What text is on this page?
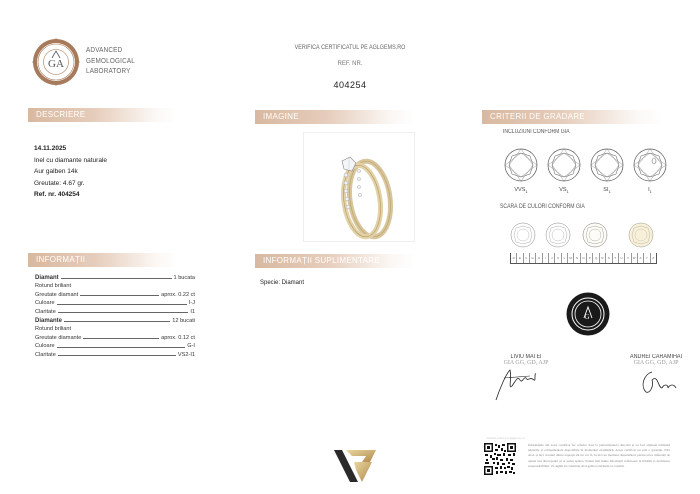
GA
ADVANCED
GEMOLOGICAL
LABORATORY
VERIFICĂ CERTIFICATUL PE AGLGEMS.RO
REF. NR.
404254
DESCRIERE	IMAGINE	CRITERII DE GRADARE
INFORMAȚII	INFORMAȚII SUPLIMENTARE
14.11.2025
Inel cu diamante naturale
Aur galben 14k
Greutate: 4.67 gr.
Ref. nr. 404254
Diamant	1 bucata
Rotund briliant
Greutate diamant	aprox. 0.22 ct
Culoare	I-J
Claritate	I1
Diamante	12 bucati
Rotund briliant
Greutate diamante	aprox. 0.12 ct
Culoare	G-I
Claritate	VS2-I1
Specie: Diamant
INCLUZIUNI CONFORM GIA
$VVS_1$	$VS_1$	$SI_1$	$I_1$
SCARĂ DE CULORI CONFORM GIA
D	E	F	G	H	I	J	K	L	M	N	O	P	Q	R	S	T	U	V	W	X	Y	Z
G
LIVIU MATEI
GIA GG, GD, AJP
ANDREI CARAMIHAI
GIA GG, GD, AJP
Verifică online pe aglgems.ro
Informațiile din acest certificat fac referire doar la piatra/bijuteria descrisă și au fost obținute utilizând tehnicile și echipamentele disponibile în momentul examinării. Acest certificat nu este o garanție. Nici AGL și nici vreunul dintre experții săi nu vor fi, în nici un moment răspunzători pentru orice diferență de opinie sau discrepanță ce ar putea apărea. Pentru mai multe informații referitoare la limitări și declinarea responsabilității, vă rugăm să consultați AGLgems.ro/termeni-si-conditii.
